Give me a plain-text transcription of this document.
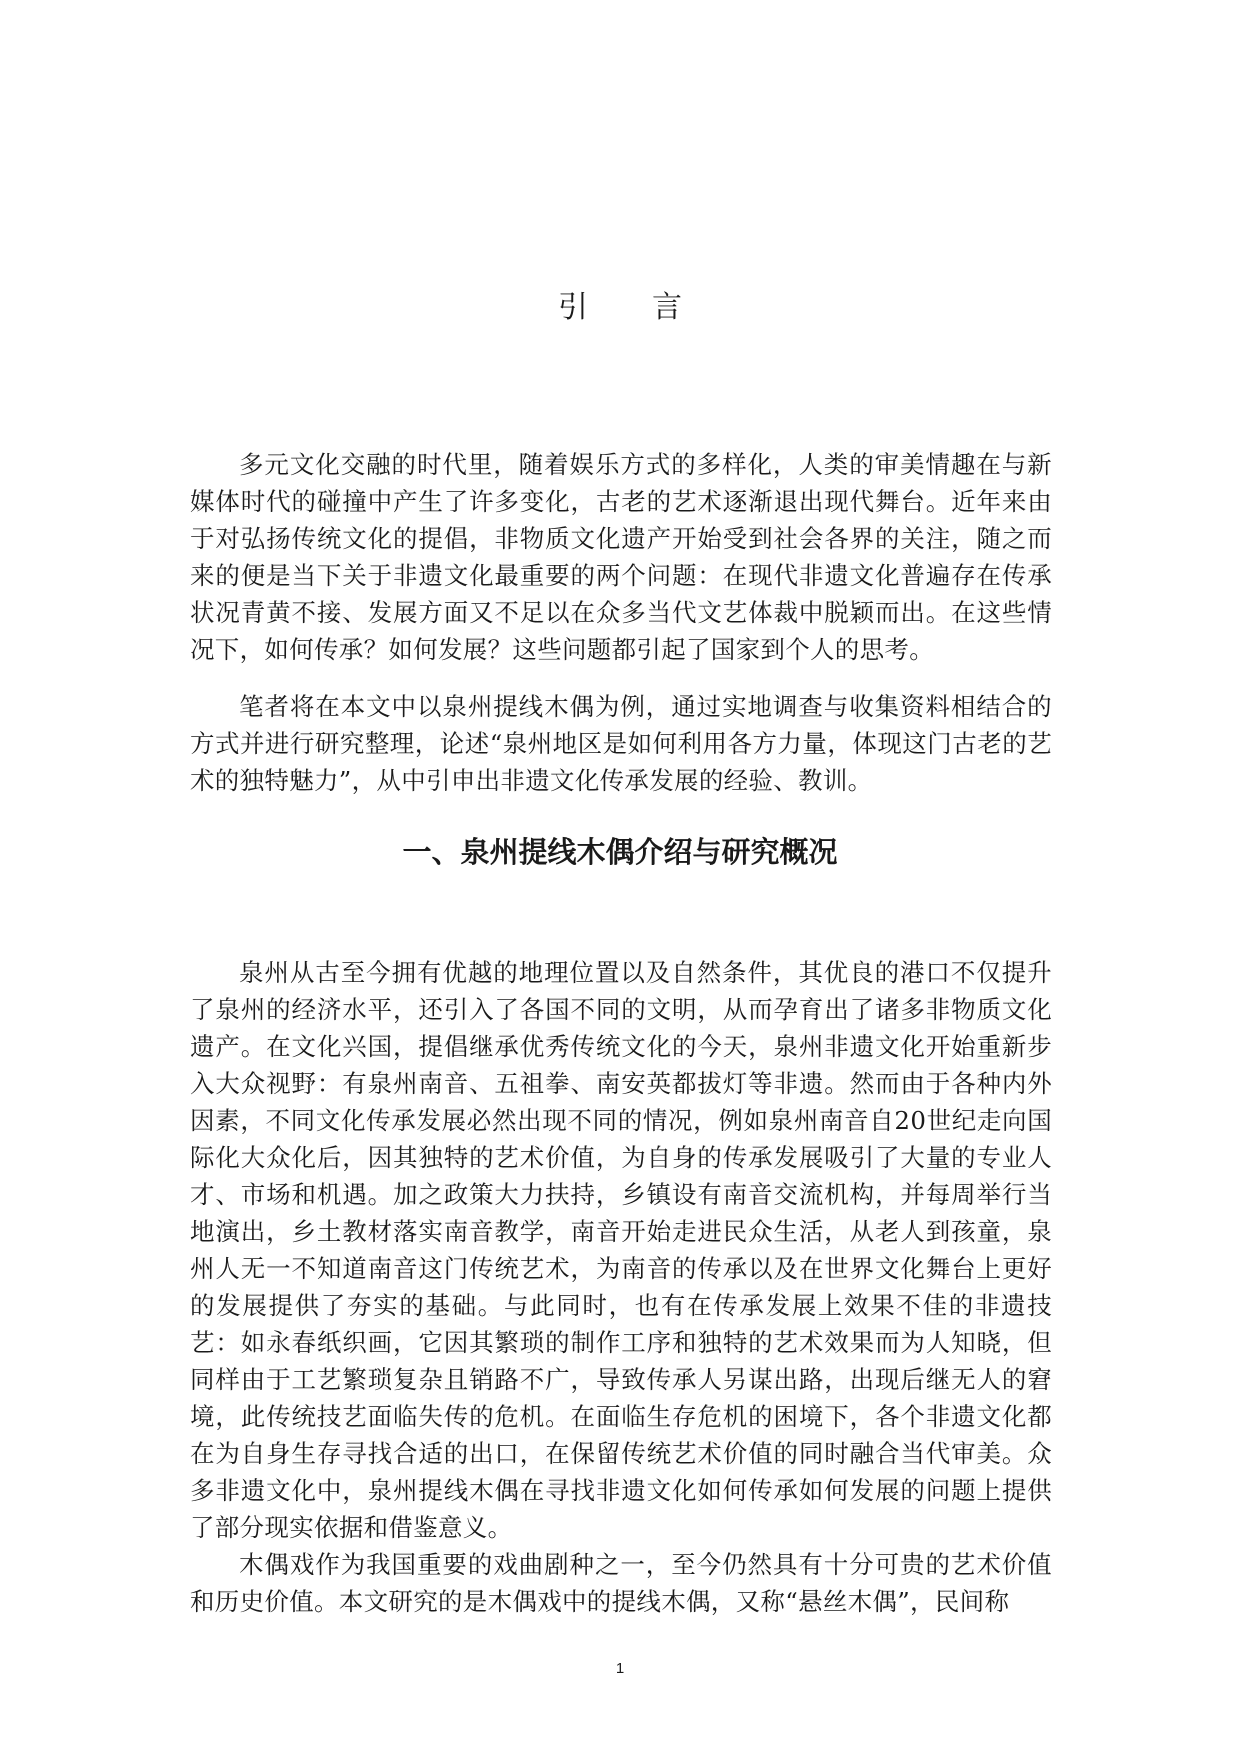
引言

多元文化交融的时代里，随着娱乐方式的多样化，人类的审美情趣在与新媒体时代的碰撞中产生了许多变化，古老的艺术逐渐退出现代舞台。近年来由于对弘扬传统文化的提倡，非物质文化遗产开始受到社会各界的关注，随之而来的便是当下关于非遗文化最重要的两个问题：在现代非遗文化普遍存在传承状况青黄不接、发展方面又不足以在众多当代文艺体裁中脱颖而出。在这些情况下，如何传承？如何发展？这些问题都引起了国家到个人的思考。

笔者将在本文中以泉州提线木偶为例，通过实地调查与收集资料相结合的方式并进行研究整理，论述“泉州地区是如何利用各方力量，体现这门古老的艺术的独特魅力”，从中引申出非遗文化传承发展的经验、教训。

一、泉州提线木偶介绍与研究概况

泉州从古至今拥有优越的地理位置以及自然条件，其优良的港口不仅提升了泉州的经济水平，还引入了各国不同的文明，从而孕育出了诸多非物质文化遗产。在文化兴国，提倡继承优秀传统文化的今天，泉州非遗文化开始重新步入大众视野：有泉州南音、五祖拳、南安英都拔灯等非遗。然而由于各种内外因素，不同文化传承发展必然出现不同的情况，例如泉州南音自20世纪走向国际化大众化后，因其独特的艺术价值，为自身的传承发展吸引了大量的专业人才、市场和机遇。加之政策大力扶持，乡镇设有南音交流机构，并每周举行当地演出，乡土教材落实南音教学，南音开始走进民众生活，从老人到孩童，泉州人无一不知道南音这门传统艺术，为南音的传承以及在世界文化舞台上更好的发展提供了夯实的基础。与此同时，也有在传承发展上效果不佳的非遗技艺：如永春纸织画，它因其繁琐的制作工序和独特的艺术效果而为人知晓，但同样由于工艺繁琐复杂且销路不广，导致传承人另谋出路，出现后继无人的窘境，此传统技艺面临失传的危机。在面临生存危机的困境下，各个非遗文化都在为自身生存寻找合适的出口，在保留传统艺术价值的同时融合当代审美。众多非遗文化中，泉州提线木偶在寻找非遗文化如何传承如何发展的问题上提供了部分现实依据和借鉴意义。

木偶戏作为我国重要的戏曲剧种之一，至今仍然具有十分可贵的艺术价值和历史价值。本文研究的是木偶戏中的提线木偶，又称“悬丝木偶”，民间称

1
